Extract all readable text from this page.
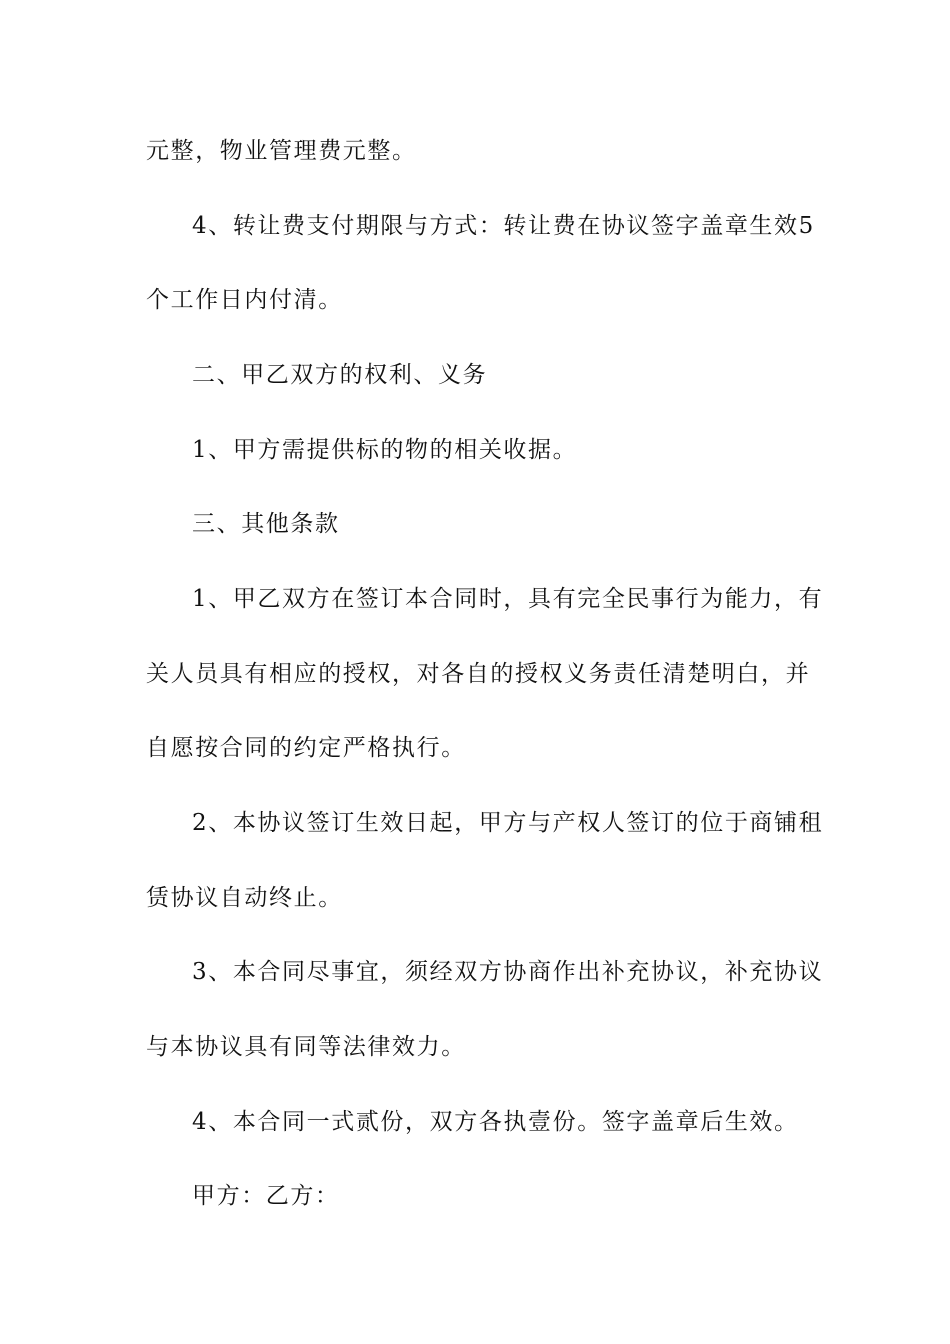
元整，物业管理费元整。

4、转让费支付期限与方式：转让费在协议签字盖章生效5

个工作日内付清。

二、甲乙双方的权利、义务

1、甲方需提供标的物的相关收据。

三、其他条款

1、甲乙双方在签订本合同时，具有完全民事行为能力，有

关人员具有相应的授权，对各自的授权义务责任清楚明白，并

自愿按合同的约定严格执行。

2、本协议签订生效日起，甲方与产权人签订的位于商铺租

赁协议自动终止。

3、本合同尽事宜，须经双方协商作出补充协议，补充协议

与本协议具有同等法律效力。

4、本合同一式贰份，双方各执壹份。签字盖章后生效。

甲方：乙方：
